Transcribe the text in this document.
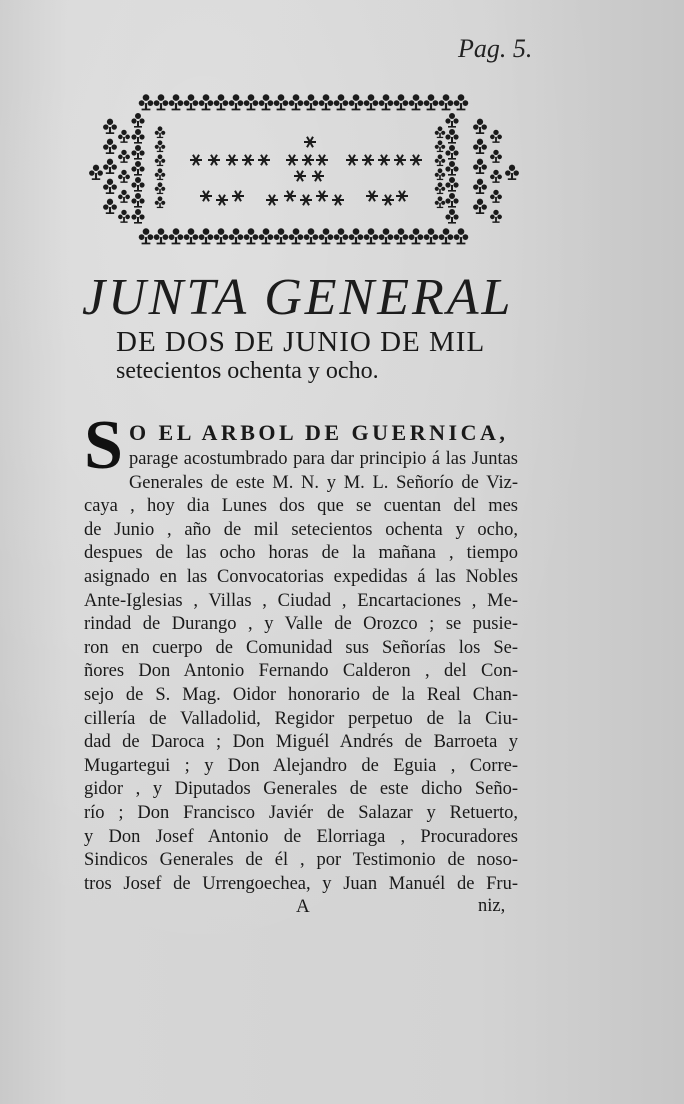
Pag. 5.
JUNTA GENERAL
DE DOS DE JUNIO DE MIL
setecientos ochenta y ocho.
S O EL ARBOL DE GUERNICA,
parage acostumbrado para dar principio á las Juntas
Generales de este M. N. y M. L. Señorío de Viz-
caya , hoy dia Lunes dos que se cuentan del mes
de Junio , año de mil setecientos ochenta y ocho,
despues de las ocho horas de la mañana , tiempo
asignado en las Convocatorias expedidas á las Nobles
Ante-Iglesias , Villas , Ciudad , Encartaciones , Me-
rindad de Durango , y Valle de Orozco ; se pusie-
ron en cuerpo de Comunidad sus Señorías los Se-
ñores Don Antonio Fernando Calderon , del Con-
sejo de S. Mag. Oidor honorario de la Real Chan-
cillería de Valladolid, Regidor perpetuo de la Ciu-
dad de Daroca ; Don Miguél Andrés de Barroeta y
Mugartegui ; y Don Alejandro de Eguia , Corre-
gidor , y Diputados Generales de este dicho Seño-
río ; Don Francisco Javiér de Salazar y Retuerto,
y Don Josef Antonio de Elorriaga , Procuradores
Sindicos Generales de él , por Testimonio de noso-
tros Josef de Urrengoechea, y Juan Manuél de Fru-
A	niz,
